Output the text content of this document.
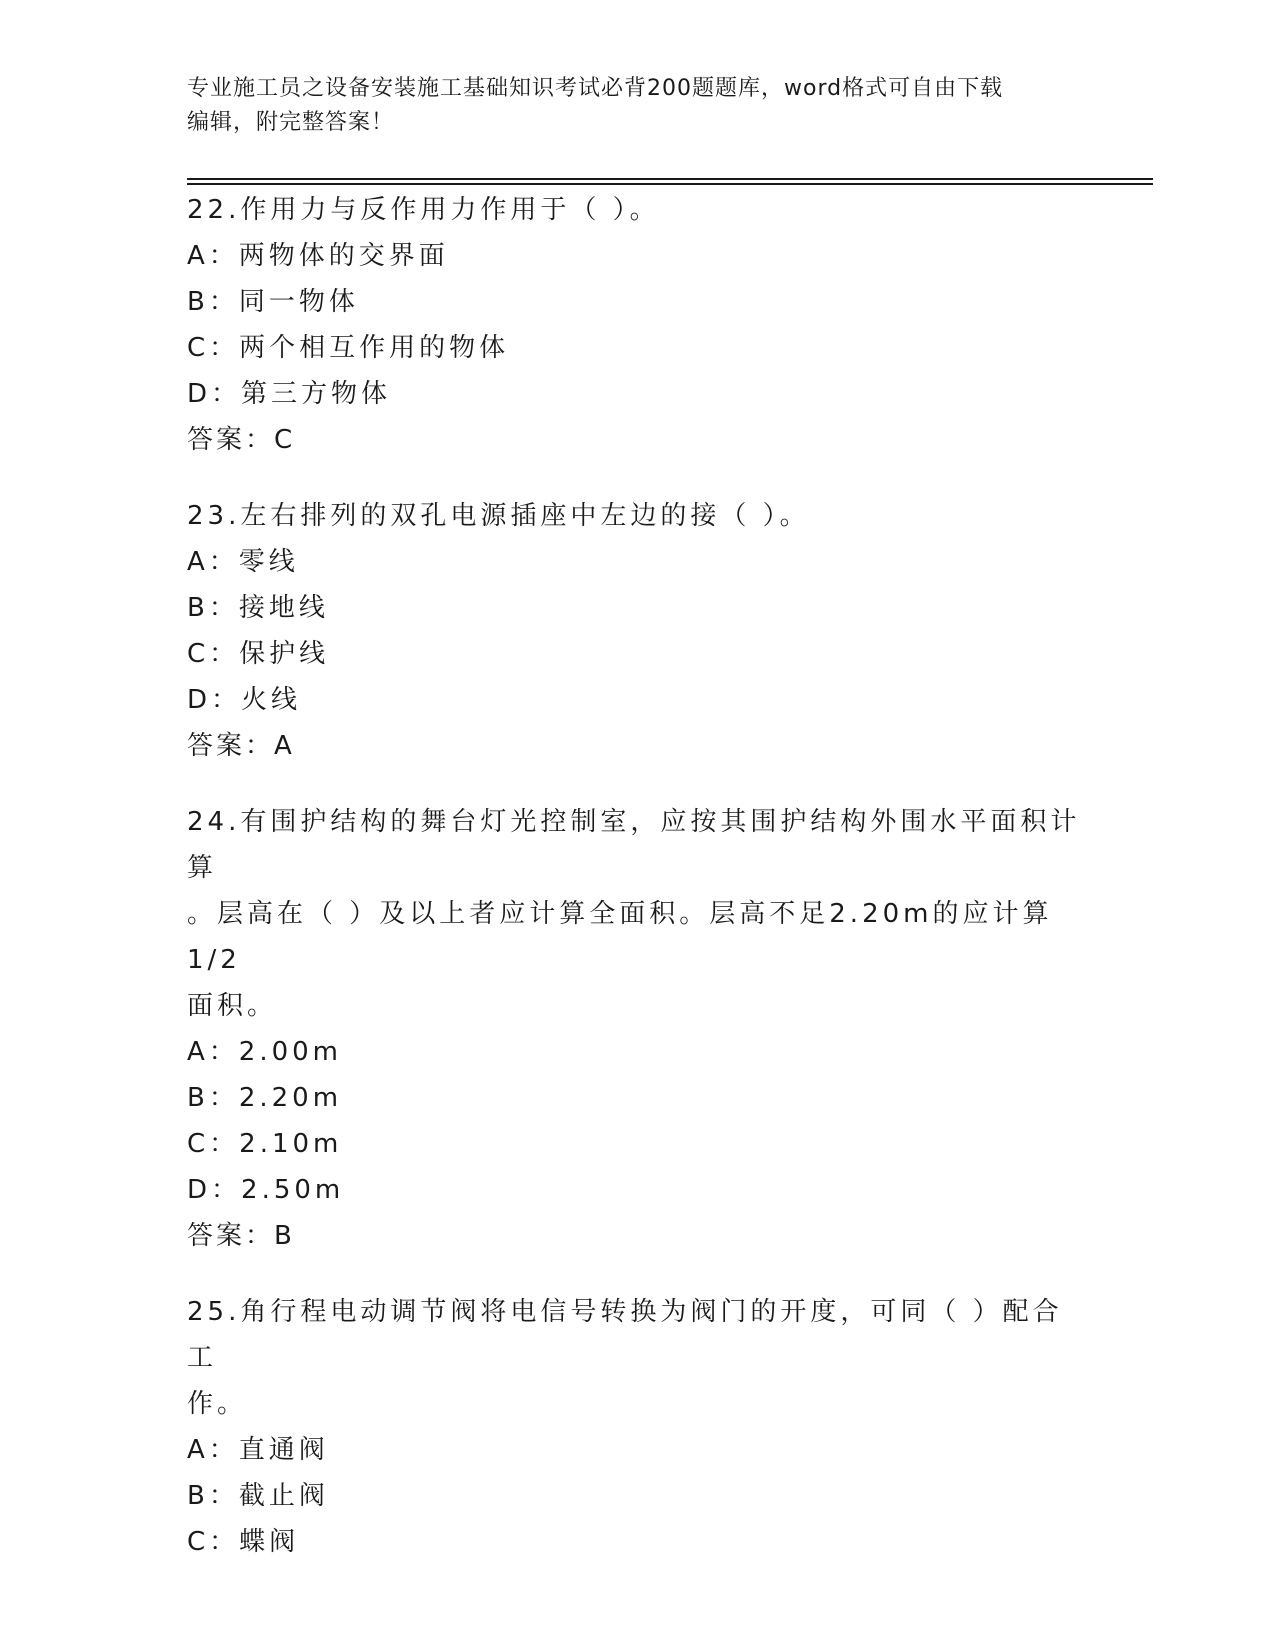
专业施工员之设备安装施工基础知识考试必背200题题库，word格式可自由下载
编辑，附完整答案！
22.作用力与反作用力作用于（ ）。
A：两物体的交界面
B：同一物体
C：两个相互作用的物体
D：第三方物体
答案：C
23.左右排列的双孔电源插座中左边的接（ ）。
A：零线
B：接地线
C：保护线
D：火线
答案：A
24.有围护结构的舞台灯光控制室，应按其围护结构外围水平面积计算
。层高在（ ）及以上者应计算全面积。层高不足2.20m的应计算1/2
面积。
A：2.00m
B：2.20m
C：2.10m
D：2.50m
答案：B
25.角行程电动调节阀将电信号转换为阀门的开度，可同（ ）配合工
作。
A：直通阀
B：截止阀
C：蝶阀
